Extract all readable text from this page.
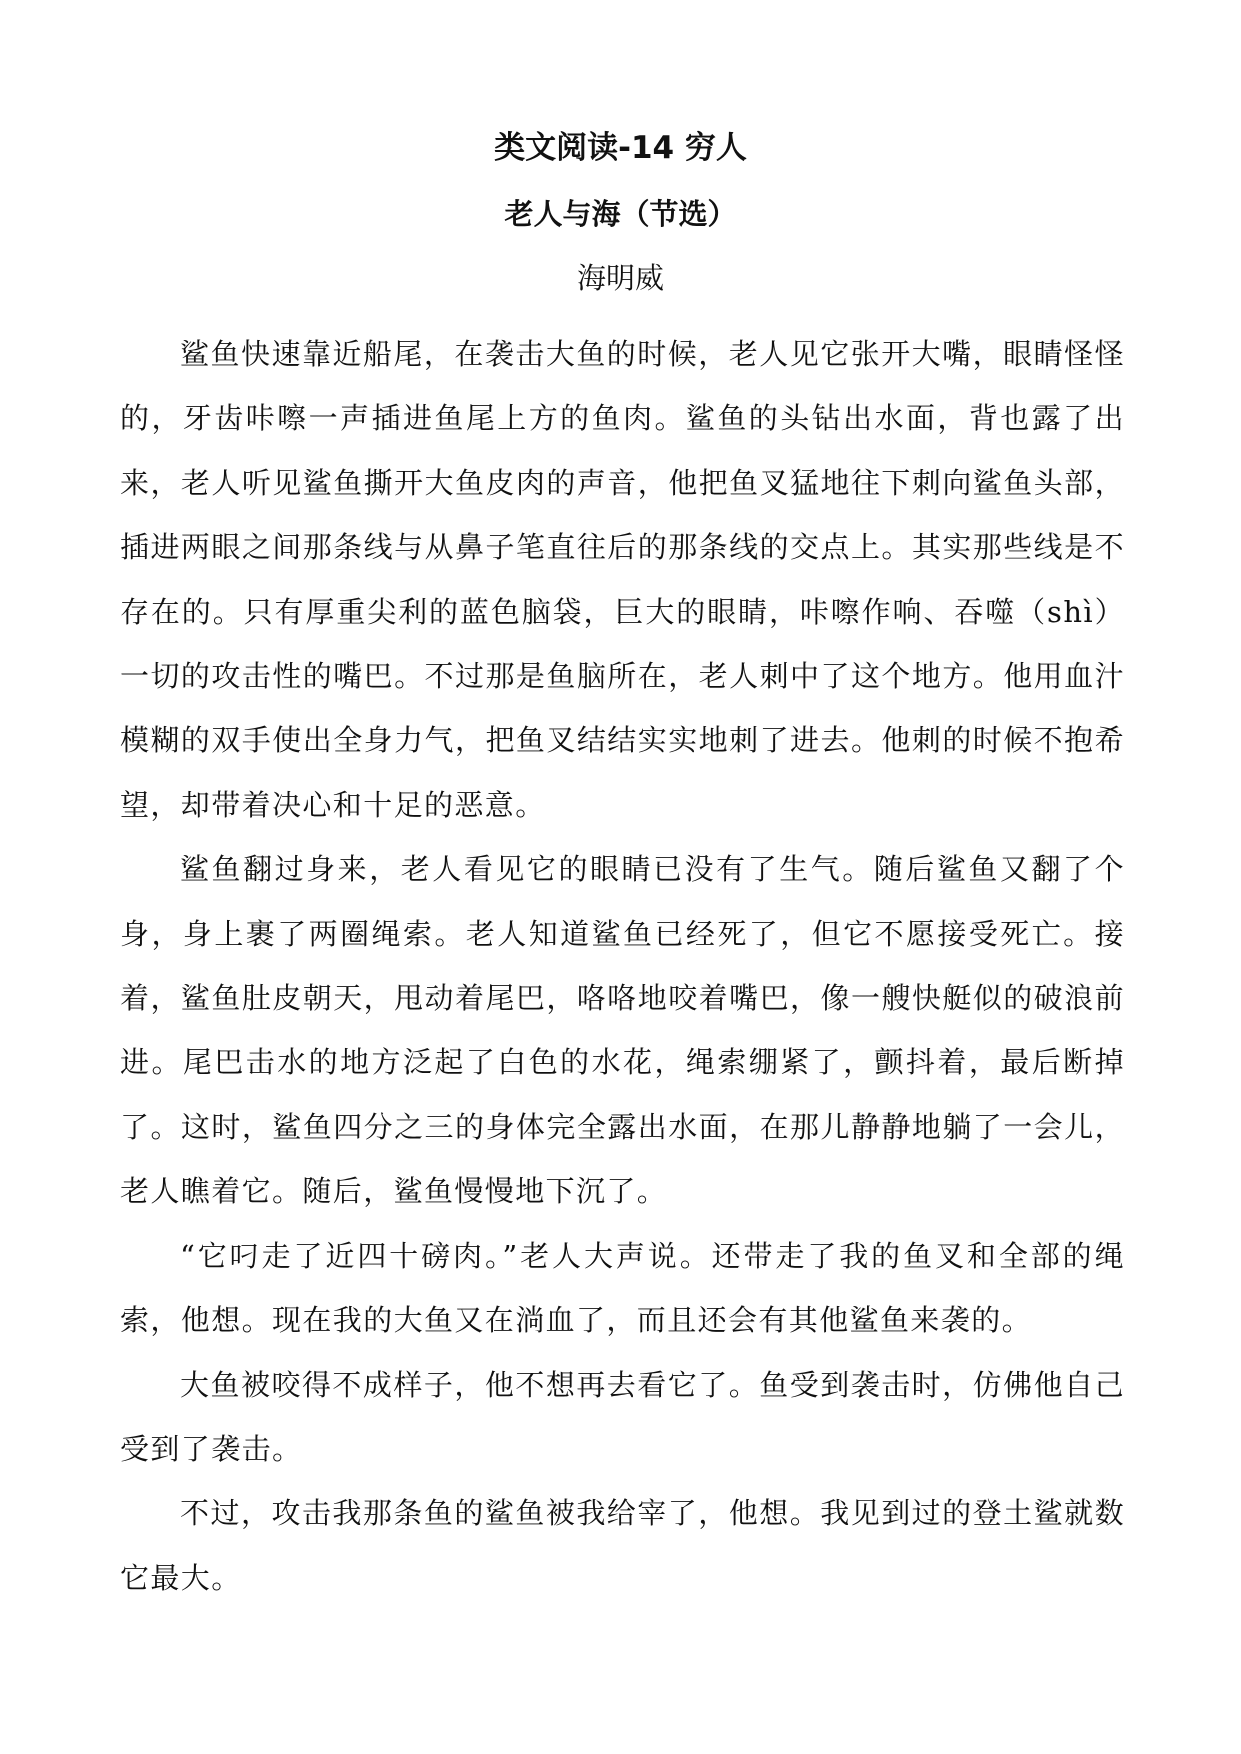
类文阅读-14 穷人
老人与海（节选）
海明威

鲨鱼快速靠近船尾，在袭击大鱼的时候，老人见它张开大嘴，眼睛怪怪的，牙齿咔嚓一声插进鱼尾上方的鱼肉。鲨鱼的头钻出水面，背也露了出来，老人听见鲨鱼撕开大鱼皮肉的声音，他把鱼叉猛地往下刺向鲨鱼头部，插进两眼之间那条线与从鼻子笔直往后的那条线的交点上。其实那些线是不存在的。只有厚重尖利的蓝色脑袋，巨大的眼睛，咔嚓作响、吞噬（shì）一切的攻击性的嘴巴。不过那是鱼脑所在，老人刺中了这个地方。他用血汁模糊的双手使出全身力气，把鱼叉结结实实地刺了进去。他刺的时候不抱希望，却带着决心和十足的恶意。

鲨鱼翻过身来，老人看见它的眼睛已没有了生气。随后鲨鱼又翻了个身，身上裹了两圈绳索。老人知道鲨鱼已经死了，但它不愿接受死亡。接着，鲨鱼肚皮朝天，甩动着尾巴，咯咯地咬着嘴巴，像一艘快艇似的破浪前进。尾巴击水的地方泛起了白色的水花，绳索绷紧了，颤抖着，最后断掉了。这时，鲨鱼四分之三的身体完全露出水面，在那儿静静地躺了一会儿，老人瞧着它。随后，鲨鱼慢慢地下沉了。

“它叼走了近四十磅肉。”老人大声说。还带走了我的鱼叉和全部的绳索，他想。现在我的大鱼又在淌血了，而且还会有其他鲨鱼来袭的。

大鱼被咬得不成样子，他不想再去看它了。鱼受到袭击时，仿佛他自己受到了袭击。

不过，攻击我那条鱼的鲨鱼被我给宰了，他想。我见到过的登土鲨就数它最大。
